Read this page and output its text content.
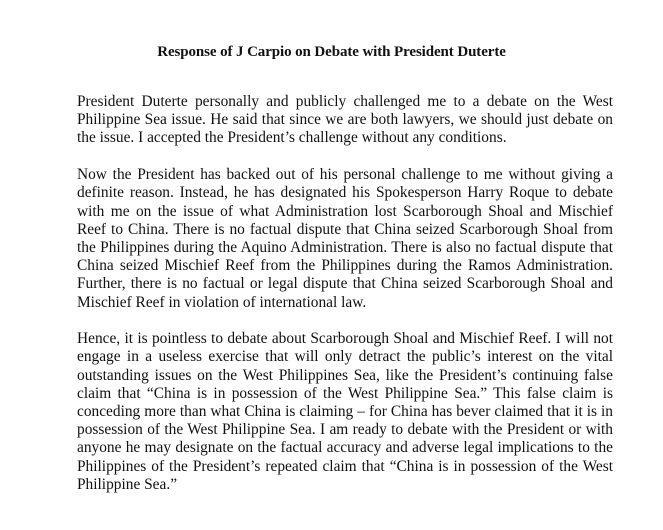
Response of J Carpio on Debate with President Duterte

President Duterte personally and publicly challenged me to a debate on the West Philippine Sea issue. He said that since we are both lawyers, we should just debate on the issue. I accepted the President’s challenge without any conditions.

Now the President has backed out of his personal challenge to me without giving a definite reason. Instead, he has designated his Spokesperson Harry Roque to debate with me on the issue of what Administration lost Scarborough Shoal and Mischief Reef to China. There is no factual dispute that China seized Scarborough Shoal from the Philippines during the Aquino Administration. There is also no factual dispute that China seized Mischief Reef from the Philippines during the Ramos Administration. Further, there is no factual or legal dispute that China seized Scarborough Shoal and Mischief Reef in violation of international law.

Hence, it is pointless to debate about Scarborough Shoal and Mischief Reef. I will not engage in a useless exercise that will only detract the public’s interest on the vital outstanding issues on the West Philippines Sea, like the President’s continuing false claim that “China is in possession of the West Philippine Sea.” This false claim is conceding more than what China is claiming – for China has bever claimed that it is in possession of the West Philippine Sea. I am ready to debate with the President or with anyone he may designate on the factual accuracy and adverse legal implications to the Philippines of the President’s repeated claim that “China is in possession of the West Philippine Sea.”
